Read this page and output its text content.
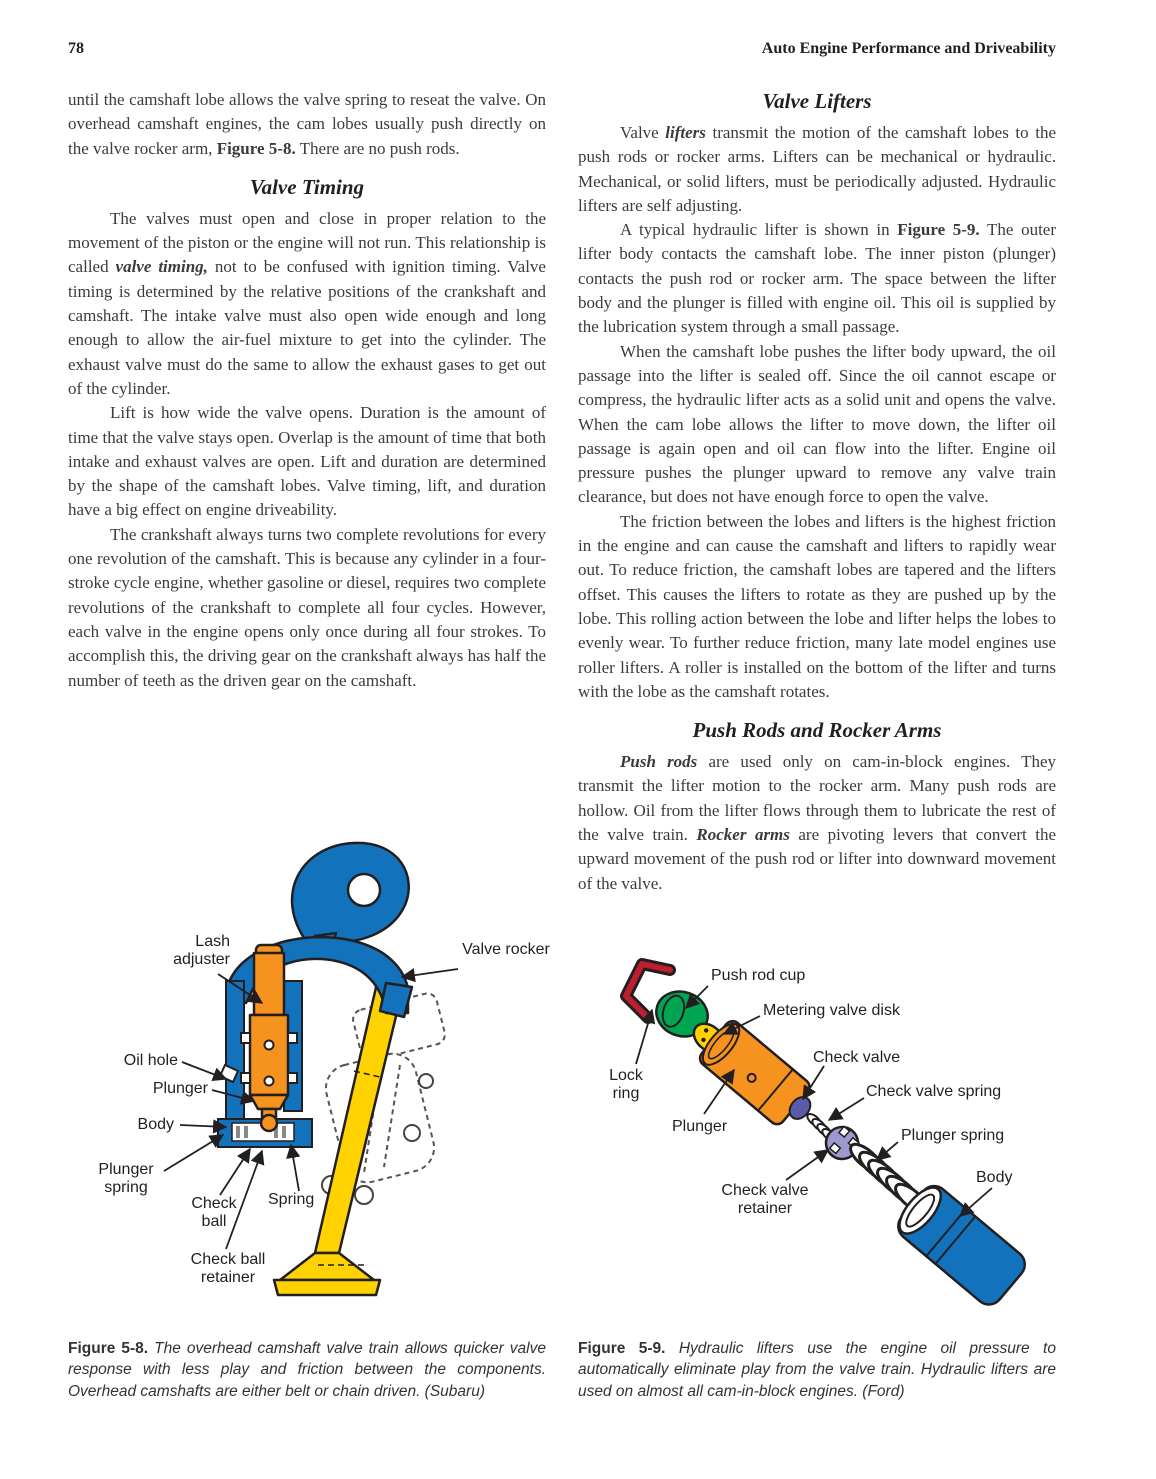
78	Auto Engine Performance and Driveability

until the camshaft lobe allows the valve spring to reseat the valve. On overhead camshaft engines, the cam lobes usually push directly on the valve rocker arm, Figure 5-8. There are no push rods.

Valve Timing

The valves must open and close in proper relation to the movement of the piston or the engine will not run. This relationship is called valve timing, not to be confused with ignition timing. Valve timing is determined by the relative positions of the crankshaft and camshaft. The intake valve must also open wide enough and long enough to allow the air-fuel mixture to get into the cylinder. The exhaust valve must do the same to allow the exhaust gases to get out of the cylinder.

Lift is how wide the valve opens. Duration is the amount of time that the valve stays open. Overlap is the amount of time that both intake and exhaust valves are open. Lift and duration are determined by the shape of the camshaft lobes. Valve timing, lift, and duration have a big effect on engine driveability.

The crankshaft always turns two complete revolutions for every one revolution of the camshaft. This is because any cylinder in a four-stroke cycle engine, whether gasoline or diesel, requires two complete revolutions of the crankshaft to complete all four cycles. However, each valve in the engine opens only once during all four strokes. To accomplish this, the driving gear on the crankshaft always has half the number of teeth as the driven gear on the camshaft.

Valve Lifters

Valve lifters transmit the motion of the camshaft lobes to the push rods or rocker arms. Lifters can be mechanical or hydraulic. Mechanical, or solid lifters, must be periodically adjusted. Hydraulic lifters are self adjusting.

A typical hydraulic lifter is shown in Figure 5-9. The outer lifter body contacts the camshaft lobe. The inner piston (plunger) contacts the push rod or rocker arm. The space between the lifter body and the plunger is filled with engine oil. This oil is supplied by the lubrication system through a small passage.

When the camshaft lobe pushes the lifter body upward, the oil passage into the lifter is sealed off. Since the oil cannot escape or compress, the hydraulic lifter acts as a solid unit and opens the valve. When the cam lobe allows the lifter to move down, the lifter oil passage is again open and oil can flow into the lifter. Engine oil pressure pushes the plunger upward to remove any valve train clearance, but does not have enough force to open the valve.

The friction between the lobes and lifters is the highest friction in the engine and can cause the camshaft and lifters to rapidly wear out. To reduce friction, the camshaft lobes are tapered and the lifters offset. This causes the lifters to rotate as they are pushed up by the lobe. This rolling action between the lobe and lifter helps the lobes to evenly wear. To further reduce friction, many late model engines use roller lifters. A roller is installed on the bottom of the lifter and turns with the lobe as the camshaft rotates.

Push Rods and Rocker Arms

Push rods are used only on cam-in-block engines. They transmit the lifter motion to the rocker arm. Many push rods are hollow. Oil from the lifter flows through them to lubricate the rest of the valve train. Rocker arms are pivoting levers that convert the upward movement of the push rod or lifter into downward movement of the valve.

Lash adjuster
Valve rocker
Oil hole
Plunger
Body
Plunger spring
Check ball
Spring
Check ball retainer
Push rod cup
Metering valve disk
Check valve
Lock ring	Check valve spring
Plunger
Plunger spring
Body
Check valve retainer

Figure 5-8. The overhead camshaft valve train allows quicker valve response with less play and friction between the components. Overhead camshafts are either belt or chain driven. (Subaru)

Figure 5-9. Hydraulic lifters use the engine oil pressure to automatically eliminate play from the valve train. Hydraulic lifters are used on almost all cam-in-block engines. (Ford)
